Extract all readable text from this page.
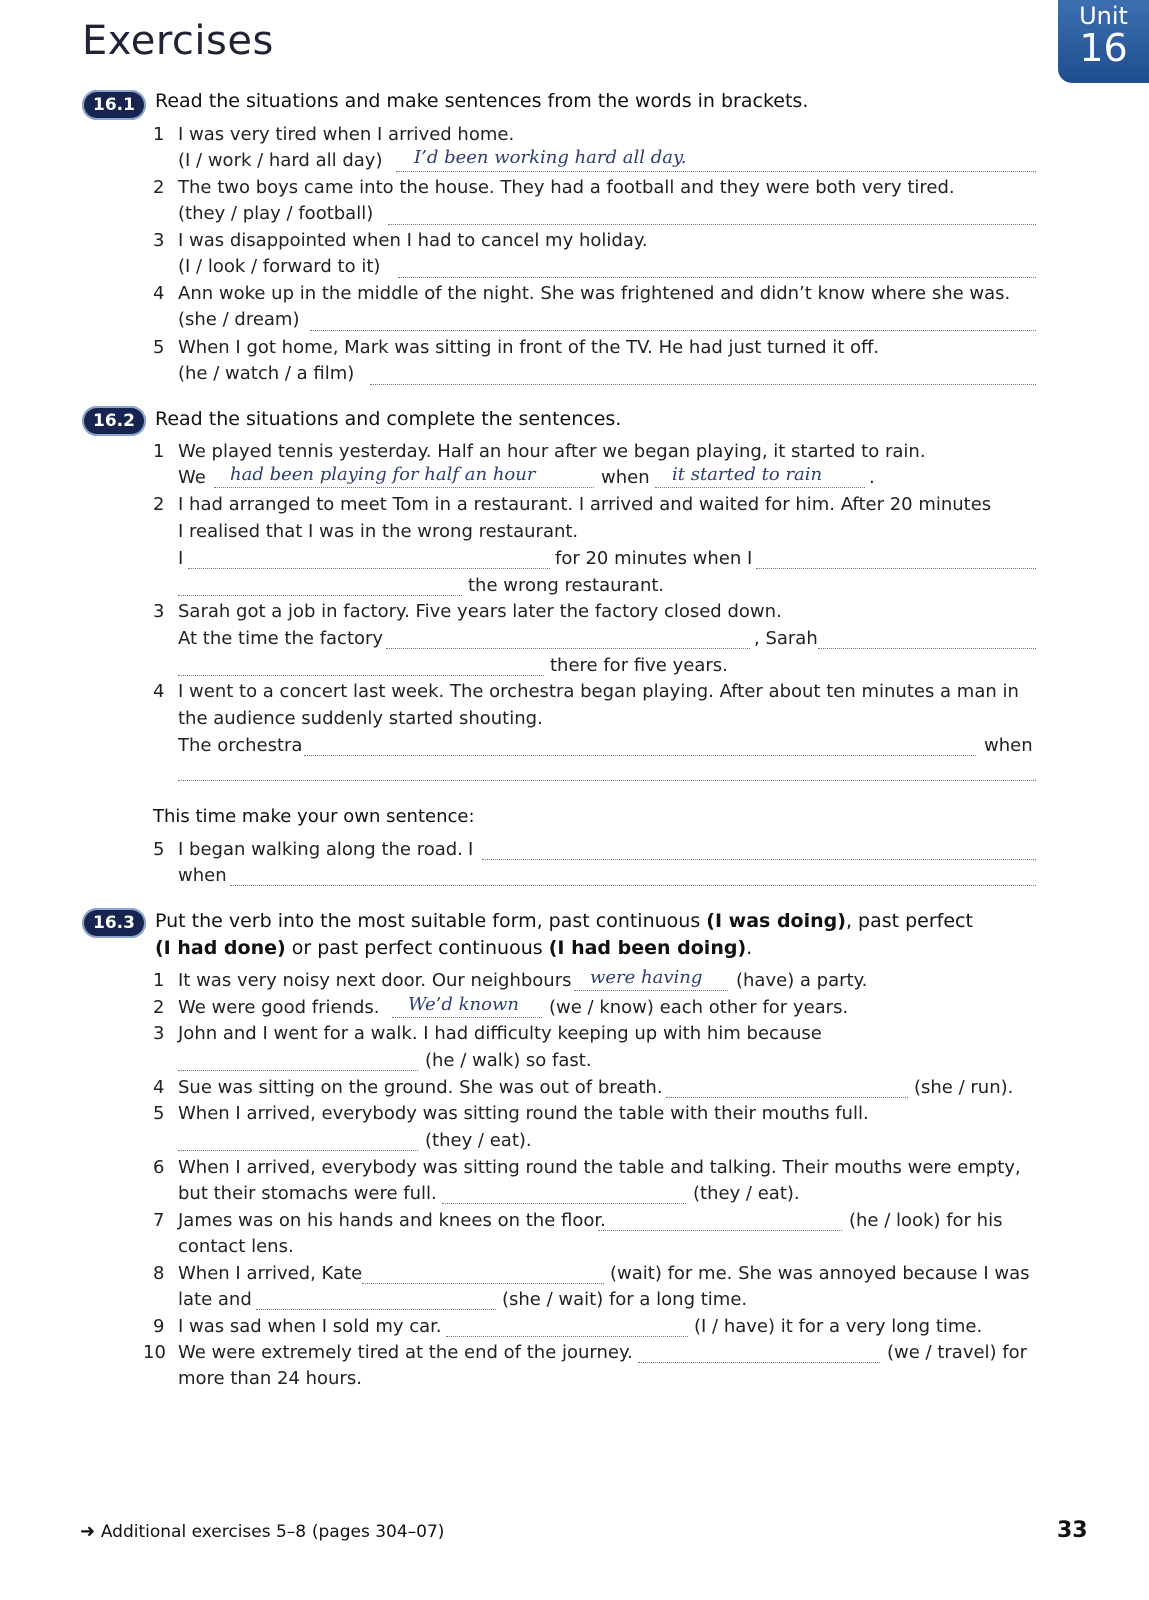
Exercises
Unit
16
16.1	Read the situations and make sentences from the words in brackets.
1 I was very tired when I arrived home.
(I / work / hard all day) I’d been working hard all day.
2 The two boys came into the house. They had a football and they were both very tired.
(they / play / football)
3 I was disappointed when I had to cancel my holiday.
(I / look / forward to it)
4 Ann woke up in the middle of the night. She was frightened and didn’t know where she was.
(she / dream)
5 When I got home, Mark was sitting in front of the TV. He had just turned it off.
(he / watch / a film)
16.2	Read the situations and complete the sentences.
1 We played tennis yesterday. Half an hour after we began playing, it started to rain.
We had been playing for half an hour	when it started to rain	.
2 I had arranged to meet Tom in a restaurant. I arrived and waited for him. After 20 minutes
I realised that I was in the wrong restaurant.
I	for 20 minutes when I
the wrong restaurant.
3 Sarah got a job in factory. Five years later the factory closed down.
At the time the factory	, Sarah
there for five years.
4 I went to a concert last week. The orchestra began playing. After about ten minutes a man in
the audience suddenly started shouting.
The orchestra	when
This time make your own sentence:
5 I began walking along the road. I
when
16.3	Put the verb into the most suitable form, past continuous (I was doing), past perfect
(I had done) or past perfect continuous (I had been doing).
1 It was very noisy next door. Our neighbours were having (have) a party.
2 We were good friends. We’d known (we / know) each other for years.
3 John and I went for a walk. I had difficulty keeping up with him because
(he / walk) so fast.
4 Sue was sitting on the ground. She was out of breath.	(she / run).
5 When I arrived, everybody was sitting round the table with their mouths full.
(they / eat).
6 When I arrived, everybody was sitting round the table and talking. Their mouths were empty,
but their stomachs were full.	(they / eat).
7 James was on his hands and knees on the floor.	(he / look) for his
contact lens.
8 When I arrived, Kate	(wait) for me. She was annoyed because I was
late and	(she / wait) for a long time.
9 I was sad when I sold my car.	(I / have) it for a very long time.
10 We were extremely tired at the end of the journey.	(we / travel) for
more than 24 hours.
➜ Additional exercises 5–8 (pages 304–07)	33
